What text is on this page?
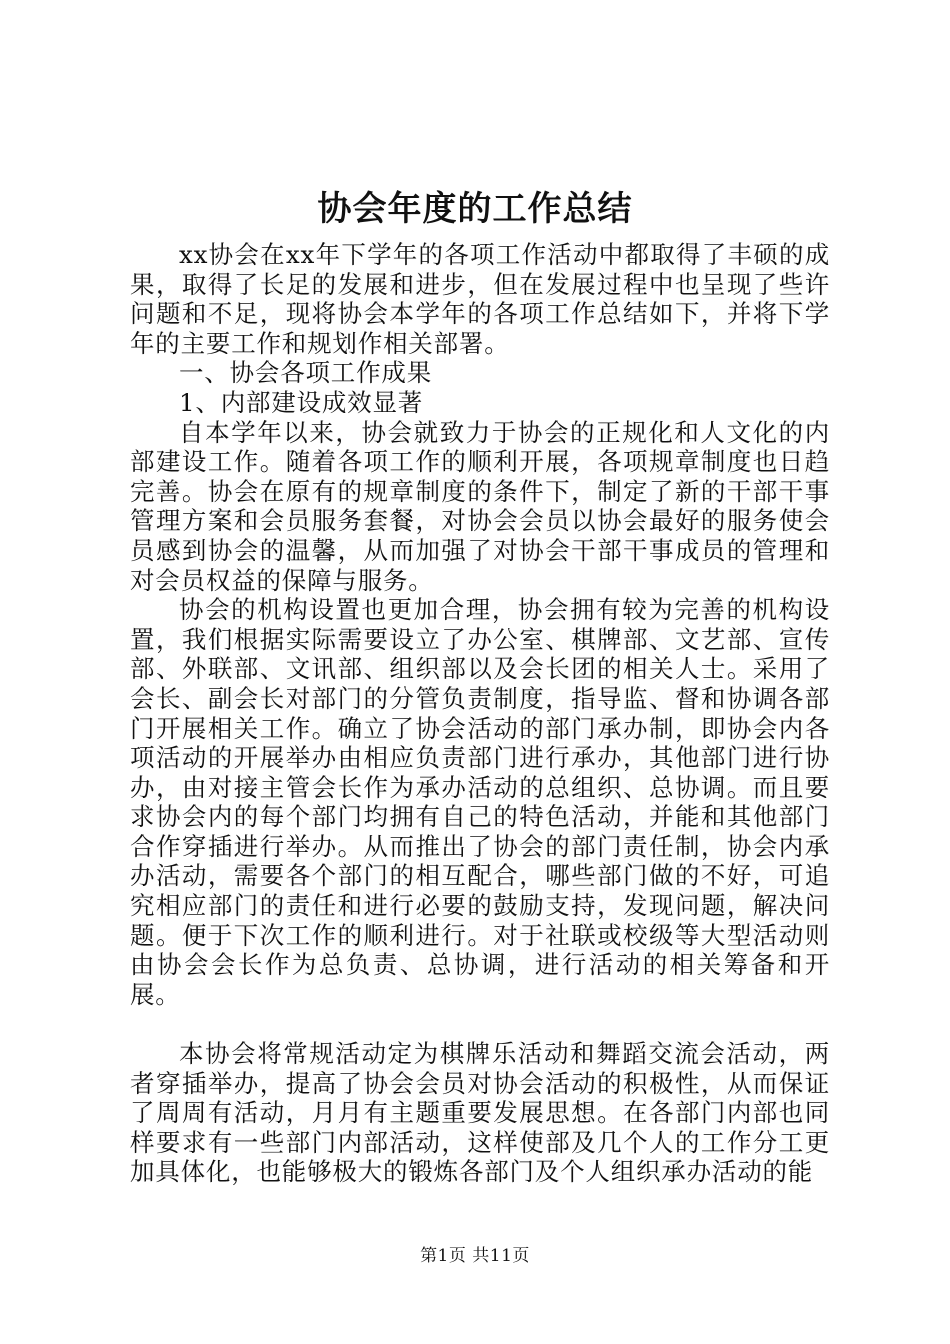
协会年度的工作总结

xx协会在xx年下学年的各项工作活动中都取得了丰硕的成果，取得了长足的发展和进步，但在发展过程中也呈现了些许问题和不足，现将协会本学年的各项工作总结如下，并将下学年的主要工作和规划作相关部署。

一、协会各项工作成果

1、内部建设成效显著

自本学年以来，协会就致力于协会的正规化和人文化的内部建设工作。随着各项工作的顺利开展，各项规章制度也日趋完善。协会在原有的规章制度的条件下，制定了新的干部干事管理方案和会员服务套餐，对协会会员以协会最好的服务使会员感到协会的温馨，从而加强了对协会干部干事成员的管理和对会员权益的保障与服务。

协会的机构设置也更加合理，协会拥有较为完善的机构设置，我们根据实际需要设立了办公室、棋牌部、文艺部、宣传部、外联部、文讯部、组织部以及会长团的相关人士。采用了会长、副会长对部门的分管负责制度，指导监、督和协调各部门开展相关工作。确立了协会活动的部门承办制，即协会内各项活动的开展举办由相应负责部门进行承办，其他部门进行协办，由对接主管会长作为承办活动的总组织、总协调。而且要求协会内的每个部门均拥有自己的特色活动，并能和其他部门合作穿插进行举办。从而推出了协会的部门责任制，协会内承办活动，需要各个部门的相互配合，哪些部门做的不好，可追究相应部门的责任和进行必要的鼓励支持，发现问题，解决问题。便于下次工作的顺利进行。对于社联或校级等大型活动则由协会会长作为总负责、总协调，进行活动的相关筹备和开展。

本协会将常规活动定为棋牌乐活动和舞蹈交流会活动，两者穿插举办，提高了协会会员对协会活动的积极性，从而保证了周周有活动，月月有主题重要发展思想。在各部门内部也同样要求有一些部门内部活动，这样使部及几个人的工作分工更加具体化，也能够极大的锻炼各部门及个人组织承办活动的能

第1页 共11页
